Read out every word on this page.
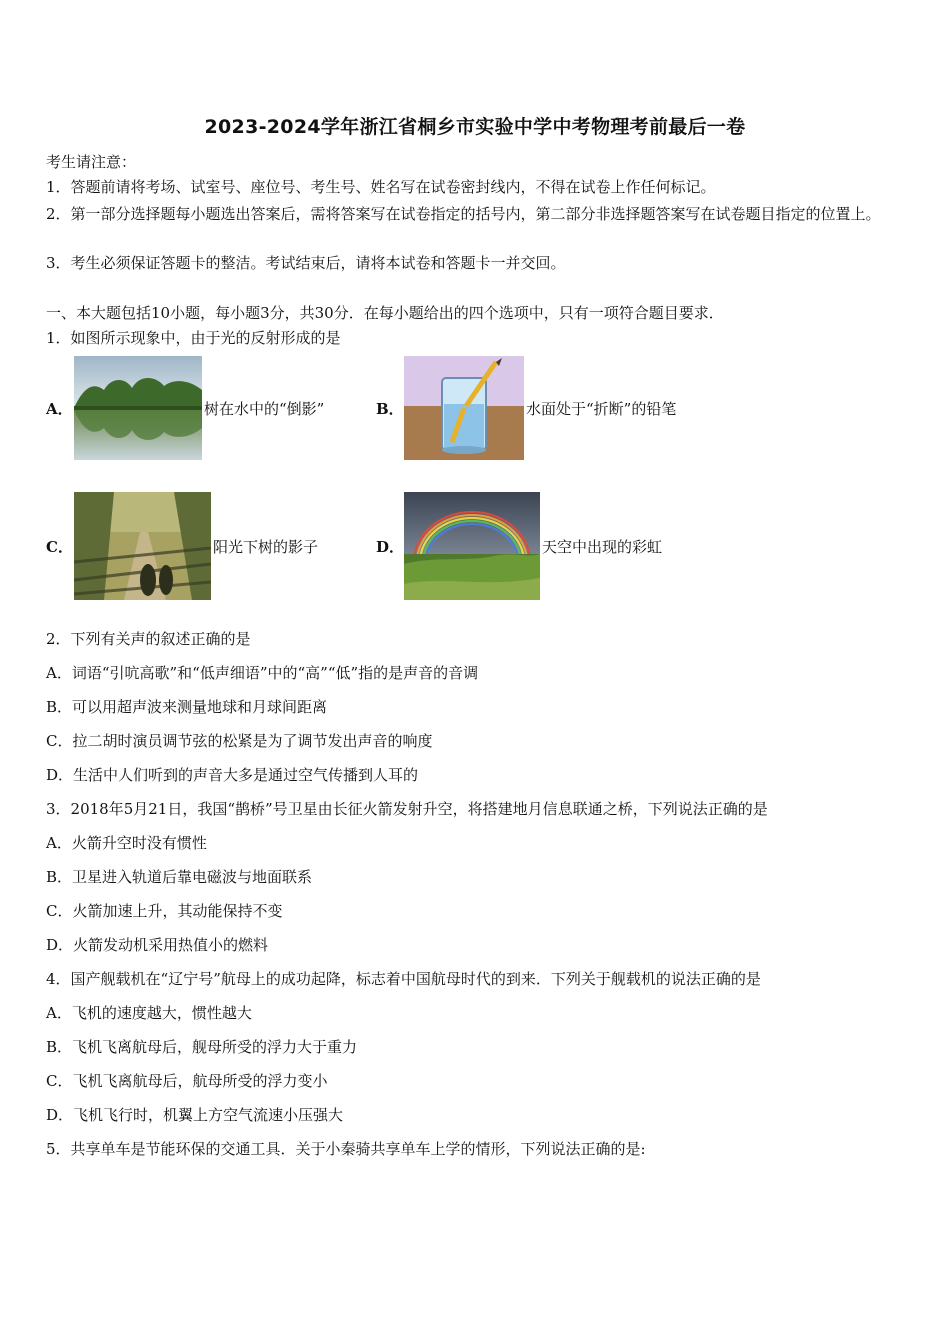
2023-2024学年浙江省桐乡市实验中学中考物理考前最后一卷
考生请注意：
1．答题前请将考场、试室号、座位号、考生号、姓名写在试卷密封线内，不得在试卷上作任何标记。
2．第一部分选择题每小题选出答案后，需将答案写在试卷指定的括号内，第二部分非选择题答案写在试卷题目指定的位置上。
3．考生必须保证答题卡的整洁。考试结束后，请将本试卷和答题卡一并交回。
一、本大题包括10小题，每小题3分，共30分．在每小题给出的四个选项中，只有一项符合题目要求．
1．如图所示现象中，由于光的反射形成的是
A．	树在水中的“倒影”	B．	水面处于“折断”的铅笔
C．	阳光下树的影子	D．	天空中出现的彩虹
2．下列有关声的叙述正确的是
A．词语“引吭高歌”和“低声细语”中的“高”“低”指的是声音的音调
B．可以用超声波来测量地球和月球间距离
C．拉二胡时演员调节弦的松紧是为了调节发出声音的响度
D．生活中人们听到的声音大多是通过空气传播到人耳的
3．2018年5月21日，我国“鹊桥”号卫星由长征火箭发射升空，将搭建地月信息联通之桥，下列说法正确的是
A．火箭升空时没有惯性
B．卫星进入轨道后靠电磁波与地面联系
C．火箭加速上升，其动能保持不变
D．火箭发动机采用热值小的燃料
4．国产舰载机在“辽宁号”航母上的成功起降，标志着中国航母时代的到来．下列关于舰载机的说法正确的是
A．飞机的速度越大，惯性越大
B．飞机飞离航母后，舰母所受的浮力大于重力
C．飞机飞离航母后，航母所受的浮力变小
D．飞机飞行时，机翼上方空气流速小压强大
5．共享单车是节能环保的交通工具．关于小秦骑共享单车上学的情形，下列说法正确的是:
